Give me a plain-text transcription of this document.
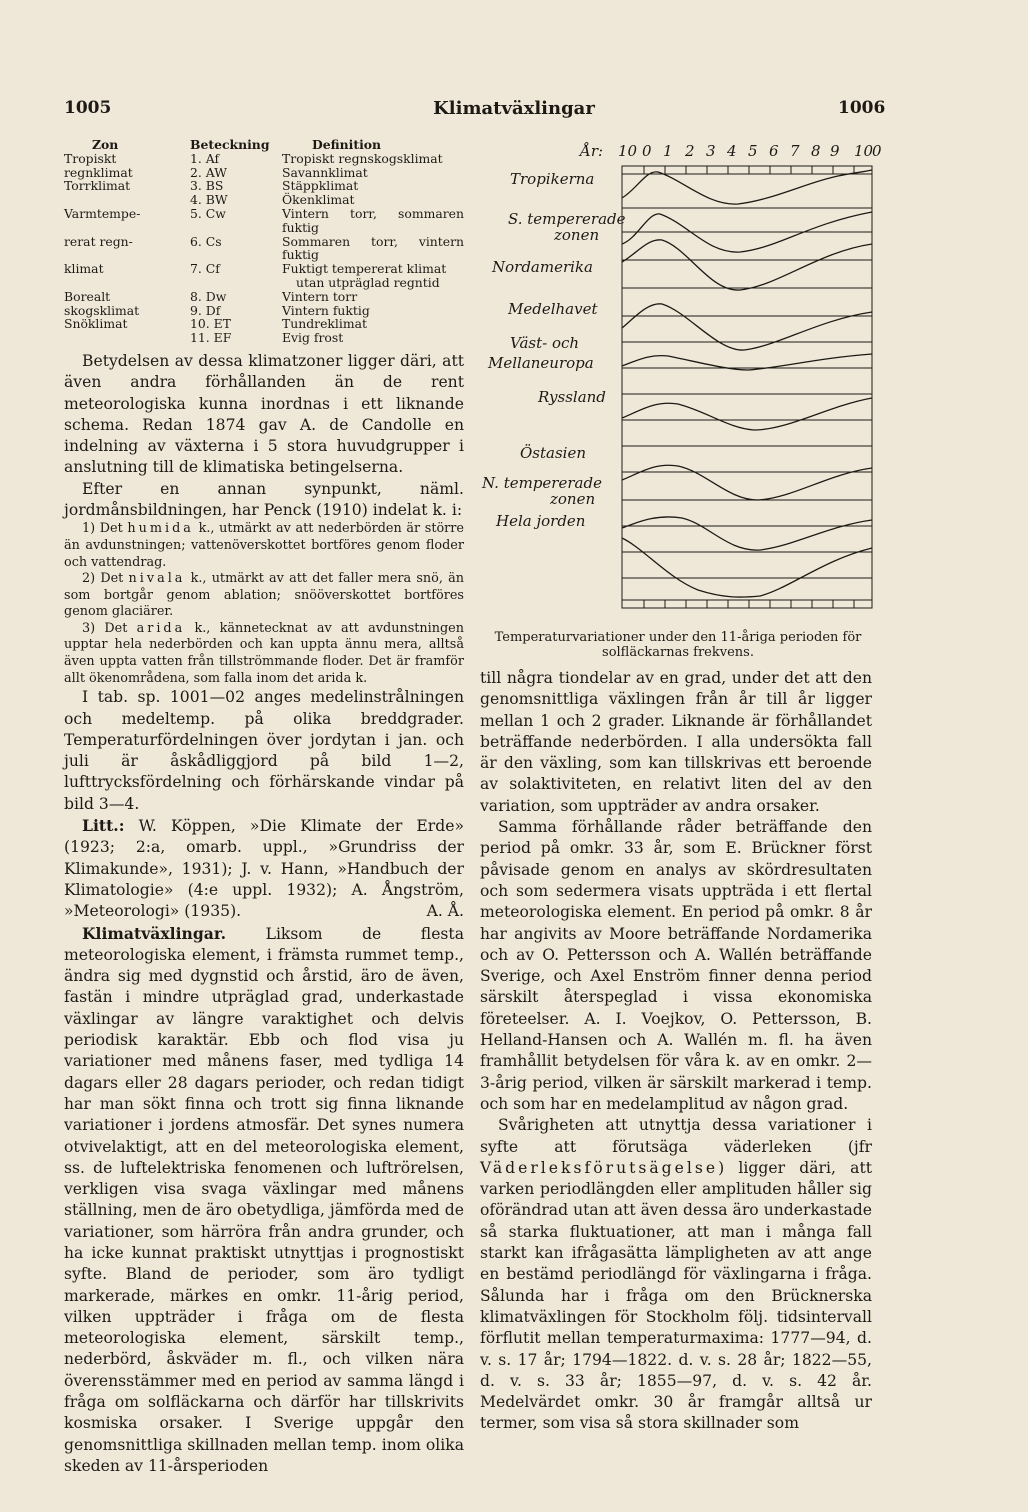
1005	Klimatväxlingar	1006
Zon	Beteckning	Definition
Tropiskt	1. Af	Tropiskt regnskogsklimat
regnklimat	2. AW	Savannklimat
Torrklimat	3. BS	Stäppklimat
	4. BW	Ökenklimat
Varmtempe-	5. Cw	Vintern torr, sommaren fuktig
rerat regn-	6. Cs	Sommaren torr, vintern fuktig
klimat	7. Cf	Fuktigt tempererat klimat
		utan utpräglad regntid
Borealt	8. Dw	Vintern torr
skogsklimat	9. Df	Vintern fuktig
Snöklimat	10. ET	Tundreklimat
	11. EF	Evig frost

Betydelsen av dessa klimatzoner ligger däri, att även andra förhållanden än de rent meteorologiska kunna inordnas i ett liknande schema. Redan 1874 gav A. de Candolle en indelning av växterna i 5 stora huvudgrupper i anslutning till de klimatiska betingelserna.

Efter en annan synpunkt, näml. jordmånsbildningen, har Penck (1910) indelat k. i:

1) Det humida k., utmärkt av att nederbörden är större än avdunstningen; vattenöverskottet bortföres genom floder och vattendrag.

2) Det nivala k., utmärkt av att det faller mera snö, än som bortgår genom ablation; snööverskottet bortföres genom glaciärer.

3) Det arida k., kännetecknat av att avdunstningen upptar hela nederbörden och kan uppta ännu mera, alltså även uppta vatten från tillströmmande floder. Det är framför allt ökenområdena, som falla inom det arida k.

I tab. sp. 1001—02 anges medelinstrålningen och medeltemp. på olika breddgrader. Temperaturfördelningen över jordytan i jan. och juli är åskådliggjord på bild 1—2, lufttrycksfördelning och förhärskande vindar på bild 3—4.

Litt.: W. Köppen, »Die Klimate der Erde» (1923; 2:a, omarb. uppl., »Grundriss der Klimakunde», 1931); J. v. Hann, »Handbuch der Klimatologie» (4:e uppl. 1932); A. Ångström, »Meteorologi» (1935).	A. Å.

Klimatväxlingar. Liksom de flesta meteorologiska element, i främsta rummet temp., ändra sig med dygnstid och årstid, äro de även, fastän i mindre utpräglad grad, underkastade växlingar av längre varaktighet och delvis periodisk karaktär. Ebb och flod visa ju variationer med månens faser, med tydliga 14 dagars eller 28 dagars perioder, och redan tidigt har man sökt finna och trott sig finna liknande variationer i jordens atmosfär. Det synes numera otvivelaktigt, att en del meteorologiska element, ss. de luftelektriska fenomenen och luftrörelsen, verkligen visa svaga växlingar med månens ställning, men de äro obetydliga, jämförda med de variationer, som härröra från andra grunder, och ha icke kunnat praktiskt utnyttjas i prognostiskt syfte. Bland de perioder, som äro tydligt markerade, märkes en omkr. 11-årig period, vilken uppträder i fråga om de flesta meteorologiska element, särskilt temp., nederbörd, åskväder m. fl., och vilken nära överensstämmer med en period av samma längd i fråga om solfläckarna och därför har tillskrivits kosmiska orsaker. I Sverige uppgår den genomsnittliga skillnaden mellan temp. inom olika skeden av 11-årsperioden

År: 10 0 1 2 3 4 5 6 7 8 9 10
0
Tropikerna
S. tempererade
zonen
Nordamerika
Medelhavet
Väst- och
Mellaneuropa
Ryssland
Östasien
N. tempererade
zonen
Hela jorden
Temperaturvariationer under den 11-åriga perioden för solfläckarnas frekvens.

till några tiondelar av en grad, under det att den genomsnittliga växlingen från år till år ligger mellan 1 och 2 grader. Liknande är förhållandet beträffande nederbörden. I alla undersökta fall är den växling, som kan tillskrivas ett beroende av solaktiviteten, en relativt liten del av den variation, som uppträder av andra orsaker.

Samma förhållande råder beträffande den period på omkr. 33 år, som E. Brückner först påvisade genom en analys av skördresultaten och som sedermera visats uppträda i ett flertal meteorologiska element. En period på omkr. 8 år har angivits av Moore beträffande Nordamerika och av O. Pettersson och A. Wallén beträffande Sverige, och Axel Enström finner denna period särskilt återspeglad i vissa ekonomiska företeelser. A. I. Voejkov, O. Pettersson, B. Helland-Hansen och A. Wallén m. fl. ha även framhållit betydelsen för våra k. av en omkr. 2—3-årig period, vilken är särskilt markerad i temp. och som har en medelamplitud av någon grad.

Svårigheten att utnyttja dessa variationer i syfte att förutsäga väderleken (jfr Väderleksförutsägelse) ligger däri, att varken periodlängden eller amplituden håller sig oförändrad utan att även dessa äro underkastade så starka fluktuationer, att man i många fall starkt kan ifrågasätta lämpligheten av att ange en bestämd periodlängd för växlingarna i fråga. Sålunda har i fråga om den Brücknerska klimatväxlingen för Stockholm följ. tidsintervall förflutit mellan temperaturmaxima: 1777—94, d. v. s. 17 år; 1794—1822. d. v. s. 28 år; 1822—55, d. v. s. 33 år; 1855—97, d. v. s. 42 år. Medelvärdet omkr. 30 år framgår alltså ur termer, som visa så stora skillnader som
